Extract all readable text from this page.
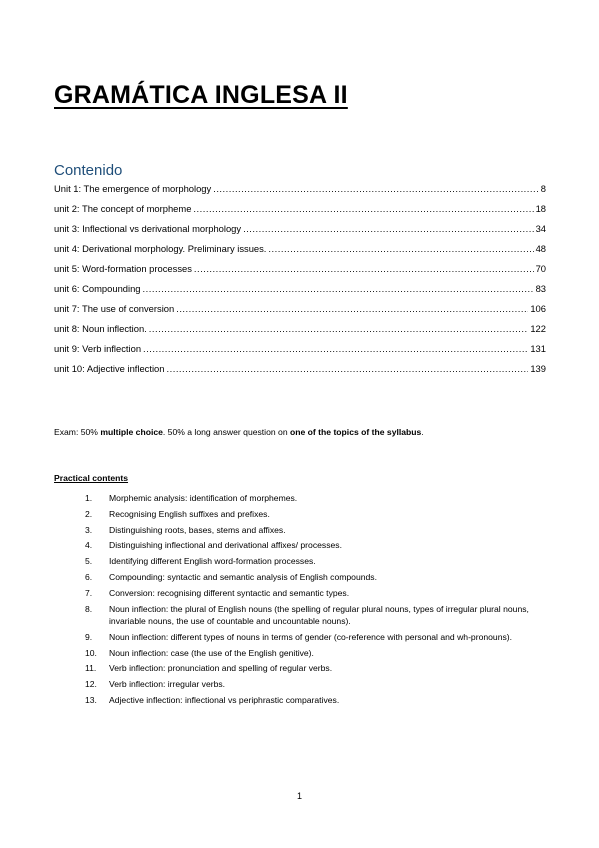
GRAMÁTICA INGLESA II
Contenido
Unit 1: The emergence of morphology .....	8
unit 2: The concept of morpheme .....	18
unit 3: Inflectional vs derivational morphology .....	34
unit 4: Derivational morphology. Preliminary issues. .....	48
unit 5: Word-formation processes .....	70
unit 6: Compounding .....	83
unit 7: The use of conversion .....	106
unit 8: Noun inflection. .....	122
unit 9: Verb inflection .....	131
unit 10: Adjective inflection .....	139

Exam: 50% multiple choice. 50% a long answer question on one of the topics of the syllabus.

Practical contents

1.	Morphemic analysis: identification of morphemes.
2.	Recognising English suffixes and prefixes.
3.	Distinguishing roots, bases, stems and affixes.
4.	Distinguishing inflectional and derivational affixes/ processes.
5.	Identifying different English word-formation processes.
6.	Compounding: syntactic and semantic analysis of English compounds.
7.	Conversion: recognising different syntactic and semantic types.
8.	Noun inflection: the plural of English nouns (the spelling of regular plural nouns, types of irregular plural nouns, invariable nouns, the use of countable and uncountable nouns).
9.	Noun inflection: different types of nouns in terms of gender (co-reference with personal and wh-pronouns).
10.	Noun inflection: case (the use of the English genitive).
11.	Verb inflection: pronunciation and spelling of regular verbs.
12.	Verb inflection: irregular verbs.
13.	Adjective inflection: inflectional vs periphrastic comparatives.

1
